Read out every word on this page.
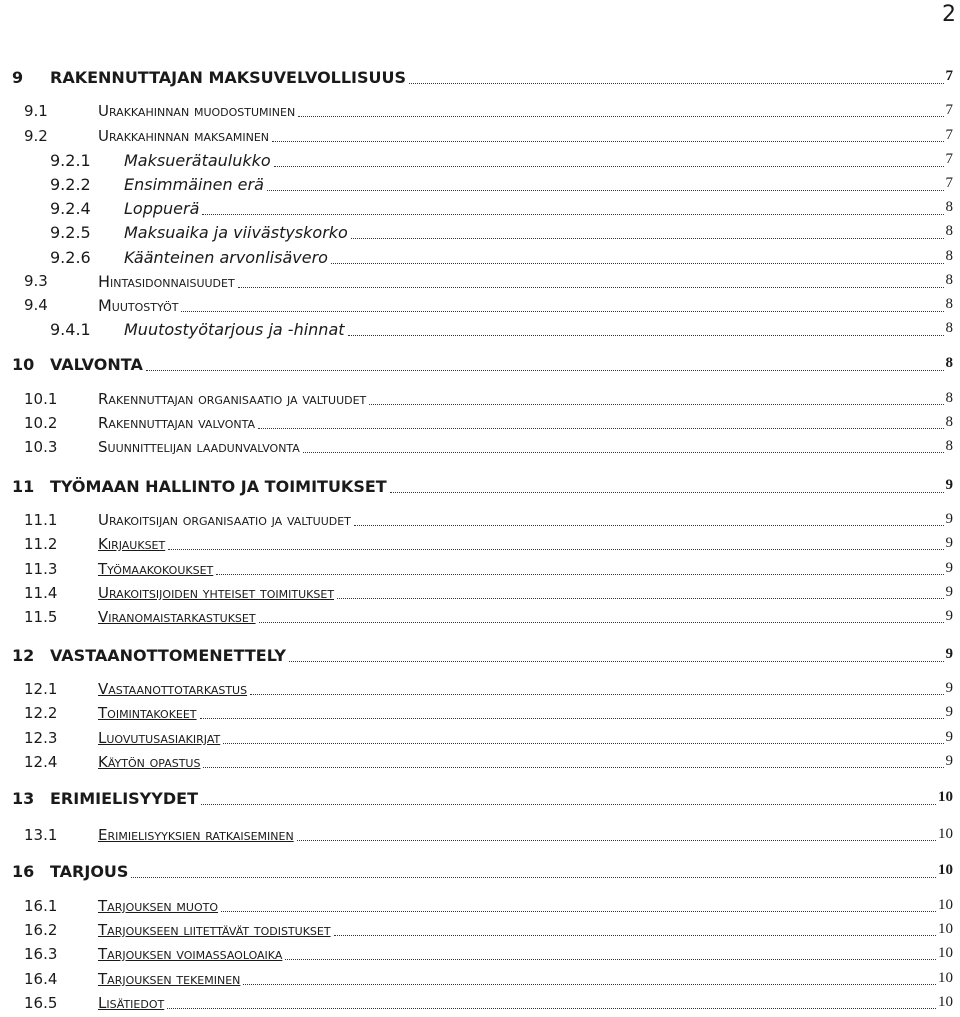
2
9 RAKENNUTTAJAN MAKSUVELVOLLISUUS	7
9.1	Urakkahinnan muodostuminen	7
9.2	Urakkahinnan maksaminen	7
9.2.1 Maksuerätaulukko	7
9.2.2 Ensimmäinen erä	7
9.2.4 Loppuerä	8
9.2.5 Maksuaika ja viivästyskorko	8
9.2.6 Käänteinen arvonlisävero	8
9.3	Hintasidonnaisuudet	8
9.4	Muutostyöt	8
9.4.1 Muutostyötarjous ja -hinnat	8
10 VALVONTA	8
10.1	Rakennuttajan organisaatio ja valtuudet	8
10.2	Rakennuttajan valvonta	8
10.3	Suunnittelijan laadunvalvonta	8
11 TYÖMAAN HALLINTO JA TOIMITUKSET	9
11.1	Urakoitsijan organisaatio ja valtuudet	9
11.2	Kirjaukset	9
11.3	Työmaakokoukset	9
11.4	Urakoitsijoiden yhteiset toimitukset	9
11.5	Viranomaistarkastukset	9
12 VASTAANOTTOMENETTELY	9
12.1	Vastaanottotarkastus	9
12.2	Toimintakokeet	9
12.3	Luovutusasiakirjat	9
12.4	Käytön opastus	9
13 ERIMIELISYYDET	10
13.1	Erimielisyyksien ratkaiseminen	10
16 TARJOUS	10
16.1	Tarjouksen muoto	10
16.2	Tarjoukseen liitettävät todistukset	10
16.3	Tarjouksen voimassaoloaika	10
16.4	Tarjouksen tekeminen	10
16.5	Lisätiedot	10
